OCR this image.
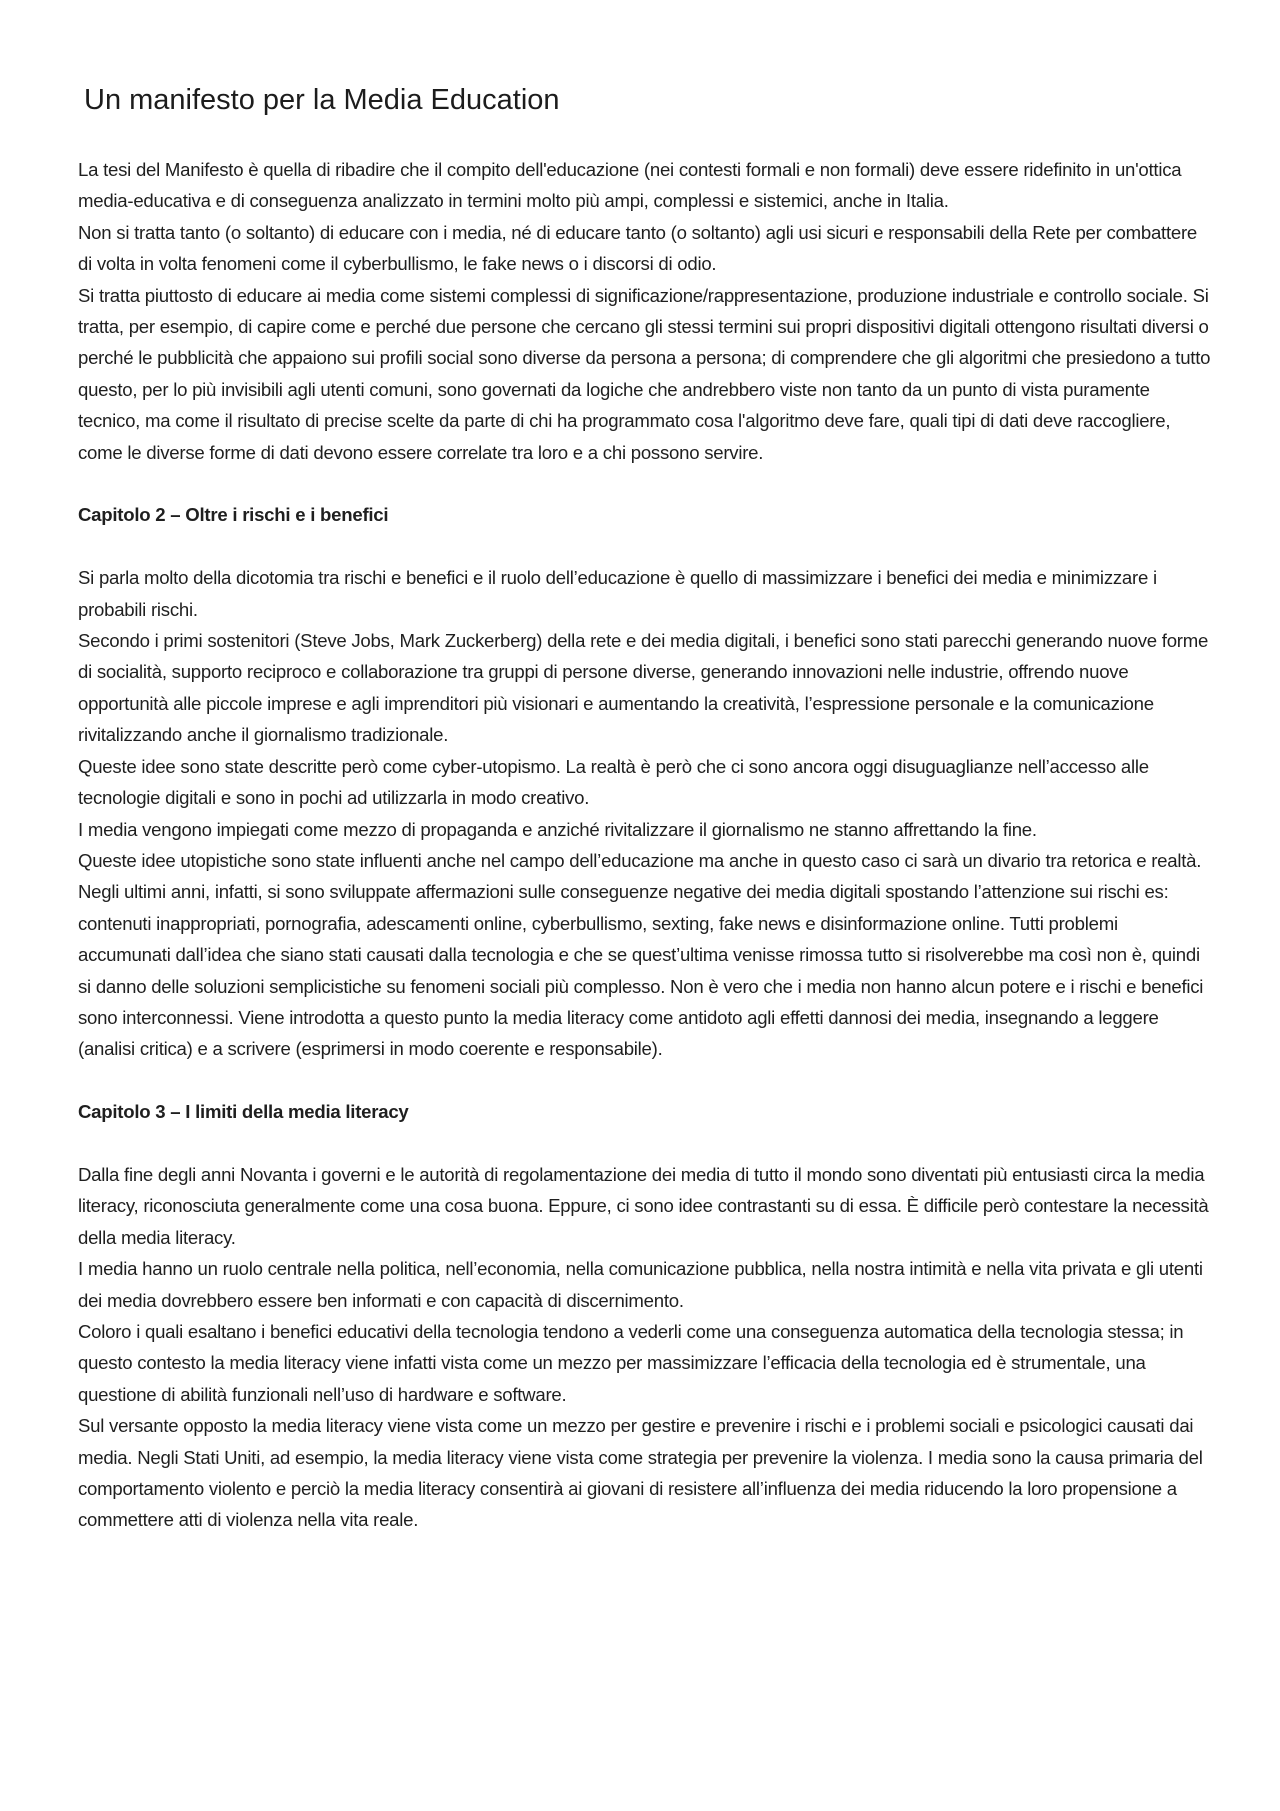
Un manifesto per la Media Education

La tesi del Manifesto è quella di ribadire che il compito dell'educazione (nei contesti formali e non formali) deve essere ridefinito in un'ottica media-educativa e di conseguenza analizzato in termini molto più ampi, complessi e sistemici, anche in Italia.

Non si tratta tanto (o soltanto) di educare con i media, né di educare tanto (o soltanto) agli usi sicuri e responsabili della Rete per combattere di volta in volta fenomeni come il cyberbullismo, le fake news o i discorsi di odio.

Si tratta piuttosto di educare ai media come sistemi complessi di significazione/rappresentazione, produzione industriale e controllo sociale. Si tratta, per esempio, di capire come e perché due persone che cercano gli stessi termini sui propri dispositivi digitali ottengono risultati diversi o perché le pubblicità che appaiono sui profili social sono diverse da persona a persona; di comprendere che gli algoritmi che presiedono a tutto questo, per lo più invisibili agli utenti comuni, sono governati da logiche che andrebbero viste non tanto da un punto di vista puramente tecnico, ma come il risultato di precise scelte da parte di chi ha programmato cosa l'algoritmo deve fare, quali tipi di dati deve raccogliere, come le diverse forme di dati devono essere correlate tra loro e a chi possono servire.

Capitolo 2 – Oltre i rischi e i benefici

Si parla molto della dicotomia tra rischi e benefici e il ruolo dell’educazione è quello di massimizzare i benefici dei media e minimizzare i probabili rischi.

Secondo i primi sostenitori (Steve Jobs, Mark Zuckerberg) della rete e dei media digitali, i benefici sono stati parecchi generando nuove forme di socialità, supporto reciproco e collaborazione tra gruppi di persone diverse, generando innovazioni nelle industrie, offrendo nuove opportunità alle piccole imprese e agli imprenditori più visionari e aumentando la creatività, l’espressione personale e la comunicazione rivitalizzando anche il giornalismo tradizionale.

Queste idee sono state descritte però come cyber-utopismo. La realtà è però che ci sono ancora oggi disuguaglianze nell’accesso alle tecnologie digitali e sono in pochi ad utilizzarla in modo creativo.

I media vengono impiegati come mezzo di propaganda e anziché rivitalizzare il giornalismo ne stanno affrettando la fine.

Queste idee utopistiche sono state influenti anche nel campo dell’educazione ma anche in questo caso ci sarà un divario tra retorica e realtà.

Negli ultimi anni, infatti, si sono sviluppate affermazioni sulle conseguenze negative dei media digitali spostando l’attenzione sui rischi es: contenuti inappropriati, pornografia, adescamenti online, cyberbullismo, sexting, fake news e disinformazione online. Tutti problemi accumunati dall’idea che siano stati causati dalla tecnologia e che se quest’ultima venisse rimossa tutto si risolverebbe ma così non è, quindi si danno delle soluzioni semplicistiche su fenomeni sociali più complesso. Non è vero che i media non hanno alcun potere e i rischi e benefici sono interconnessi. Viene introdotta a questo punto la media literacy come antidoto agli effetti dannosi dei media, insegnando a leggere (analisi critica) e a scrivere (esprimersi in modo coerente e responsabile).

Capitolo 3 – I limiti della media literacy

Dalla fine degli anni Novanta i governi e le autorità di regolamentazione dei media di tutto il mondo sono diventati più entusiasti circa la media literacy, riconosciuta generalmente come una cosa buona. Eppure, ci sono idee contrastanti su di essa. È difficile però contestare la necessità della media literacy.

I media hanno un ruolo centrale nella politica, nell’economia, nella comunicazione pubblica, nella nostra intimità e nella vita privata e gli utenti dei media dovrebbero essere ben informati e con capacità di discernimento.

Coloro i quali esaltano i benefici educativi della tecnologia tendono a vederli come una conseguenza automatica della tecnologia stessa; in questo contesto la media literacy viene infatti vista come un mezzo per massimizzare l’efficacia della tecnologia ed è strumentale, una questione di abilità funzionali nell’uso di hardware e software.

Sul versante opposto la media literacy viene vista come un mezzo per gestire e prevenire i rischi e i problemi sociali e psicologici causati dai media. Negli Stati Uniti, ad esempio, la media literacy viene vista come strategia per prevenire la violenza. I media sono la causa primaria del comportamento violento e perciò la media literacy consentirà ai giovani di resistere all’influenza dei media riducendo la loro propensione a commettere atti di violenza nella vita reale.
